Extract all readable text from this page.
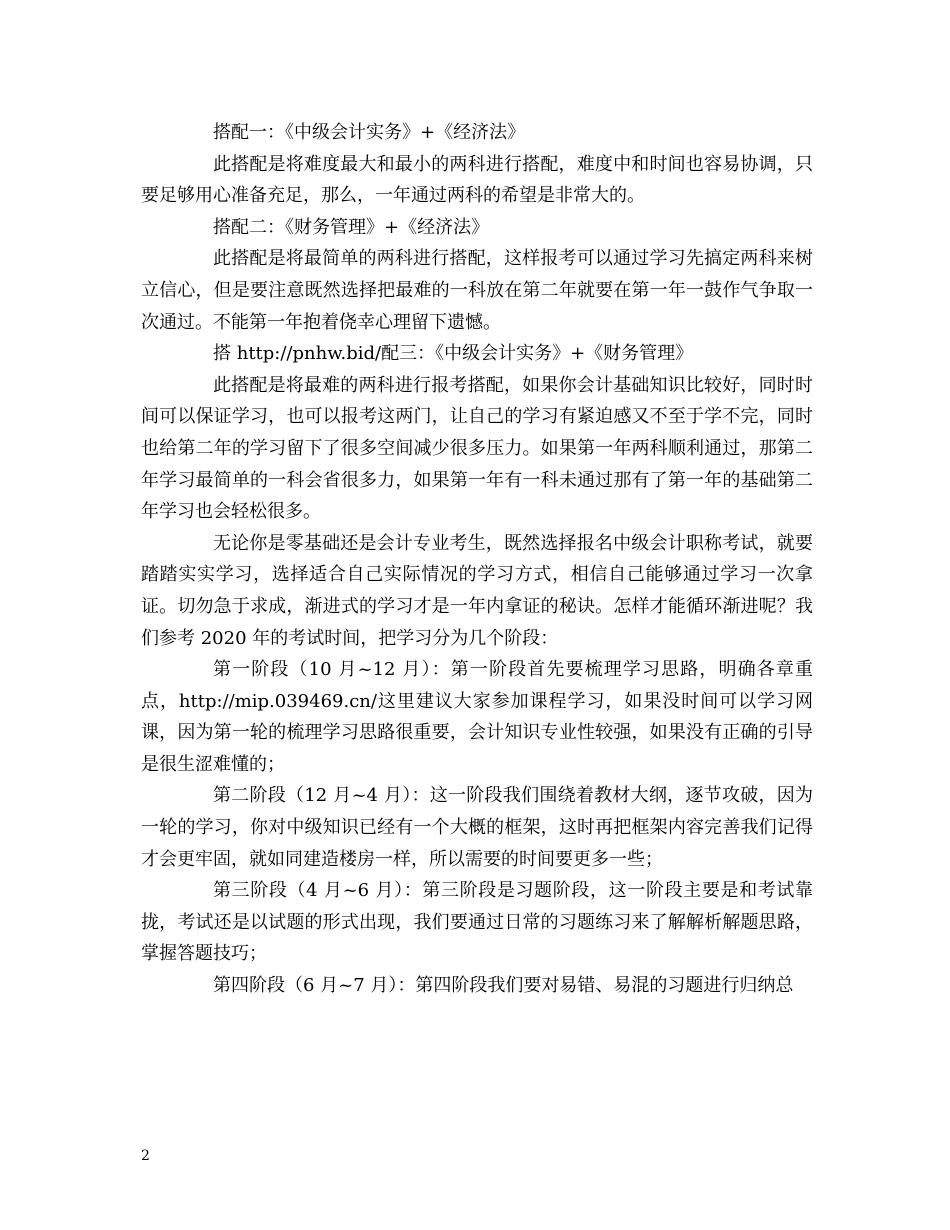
搭配一：《中级会计实务》+《经济法》

此搭配是将难度最大和最小的两科进行搭配，难度中和时间也容易协调，只要足够用心准备充足，那么，一年通过两科的希望是非常大的。

搭配二：《财务管理》+《经济法》

此搭配是将最简单的两科进行搭配，这样报考可以通过学习先搞定两科来树立信心，但是要注意既然选择把最难的一科放在第二年就要在第一年一鼓作气争取一次通过。不能第一年抱着侥幸心理留下遗憾。

搭 http://pnhw.bid/配三：《中级会计实务》+《财务管理》

此搭配是将最难的两科进行报考搭配，如果你会计基础知识比较好，同时时间可以保证学习，也可以报考这两门，让自己的学习有紧迫感又不至于学不完，同时也给第二年的学习留下了很多空间减少很多压力。如果第一年两科顺利通过，那第二年学习最简单的一科会省很多力，如果第一年有一科未通过那有了第一年的基础第二年学习也会轻松很多。

无论你是零基础还是会计专业考生，既然选择报名中级会计职称考试，就要踏踏实实学习，选择适合自己实际情况的学习方式，相信自己能够通过学习一次拿证。切勿急于求成，渐进式的学习才是一年内拿证的秘诀。怎样才能循环渐进呢？我们参考 2020 年的考试时间，把学习分为几个阶段：

第一阶段（10 月~12 月）：第一阶段首先要梳理学习思路，明确各章重点，http://mip.039469.cn/这里建议大家参加课程学习，如果没时间可以学习网课，因为第一轮的梳理学习思路很重要，会计知识专业性较强，如果没有正确的引导是很生涩难懂的；

第二阶段（12 月~4 月）：这一阶段我们围绕着教材大纲，逐节攻破，因为一轮的学习，你对中级知识已经有一个大概的框架，这时再把框架内容完善我们记得才会更牢固，就如同建造楼房一样，所以需要的时间要更多一些；

第三阶段（4 月~6 月）：第三阶段是习题阶段，这一阶段主要是和考试靠拢，考试还是以试题的形式出现，我们要通过日常的习题练习来了解解析解题思路，掌握答题技巧；

第四阶段（6 月~7 月）：第四阶段我们要对易错、易混的习题进行归纳总

2
